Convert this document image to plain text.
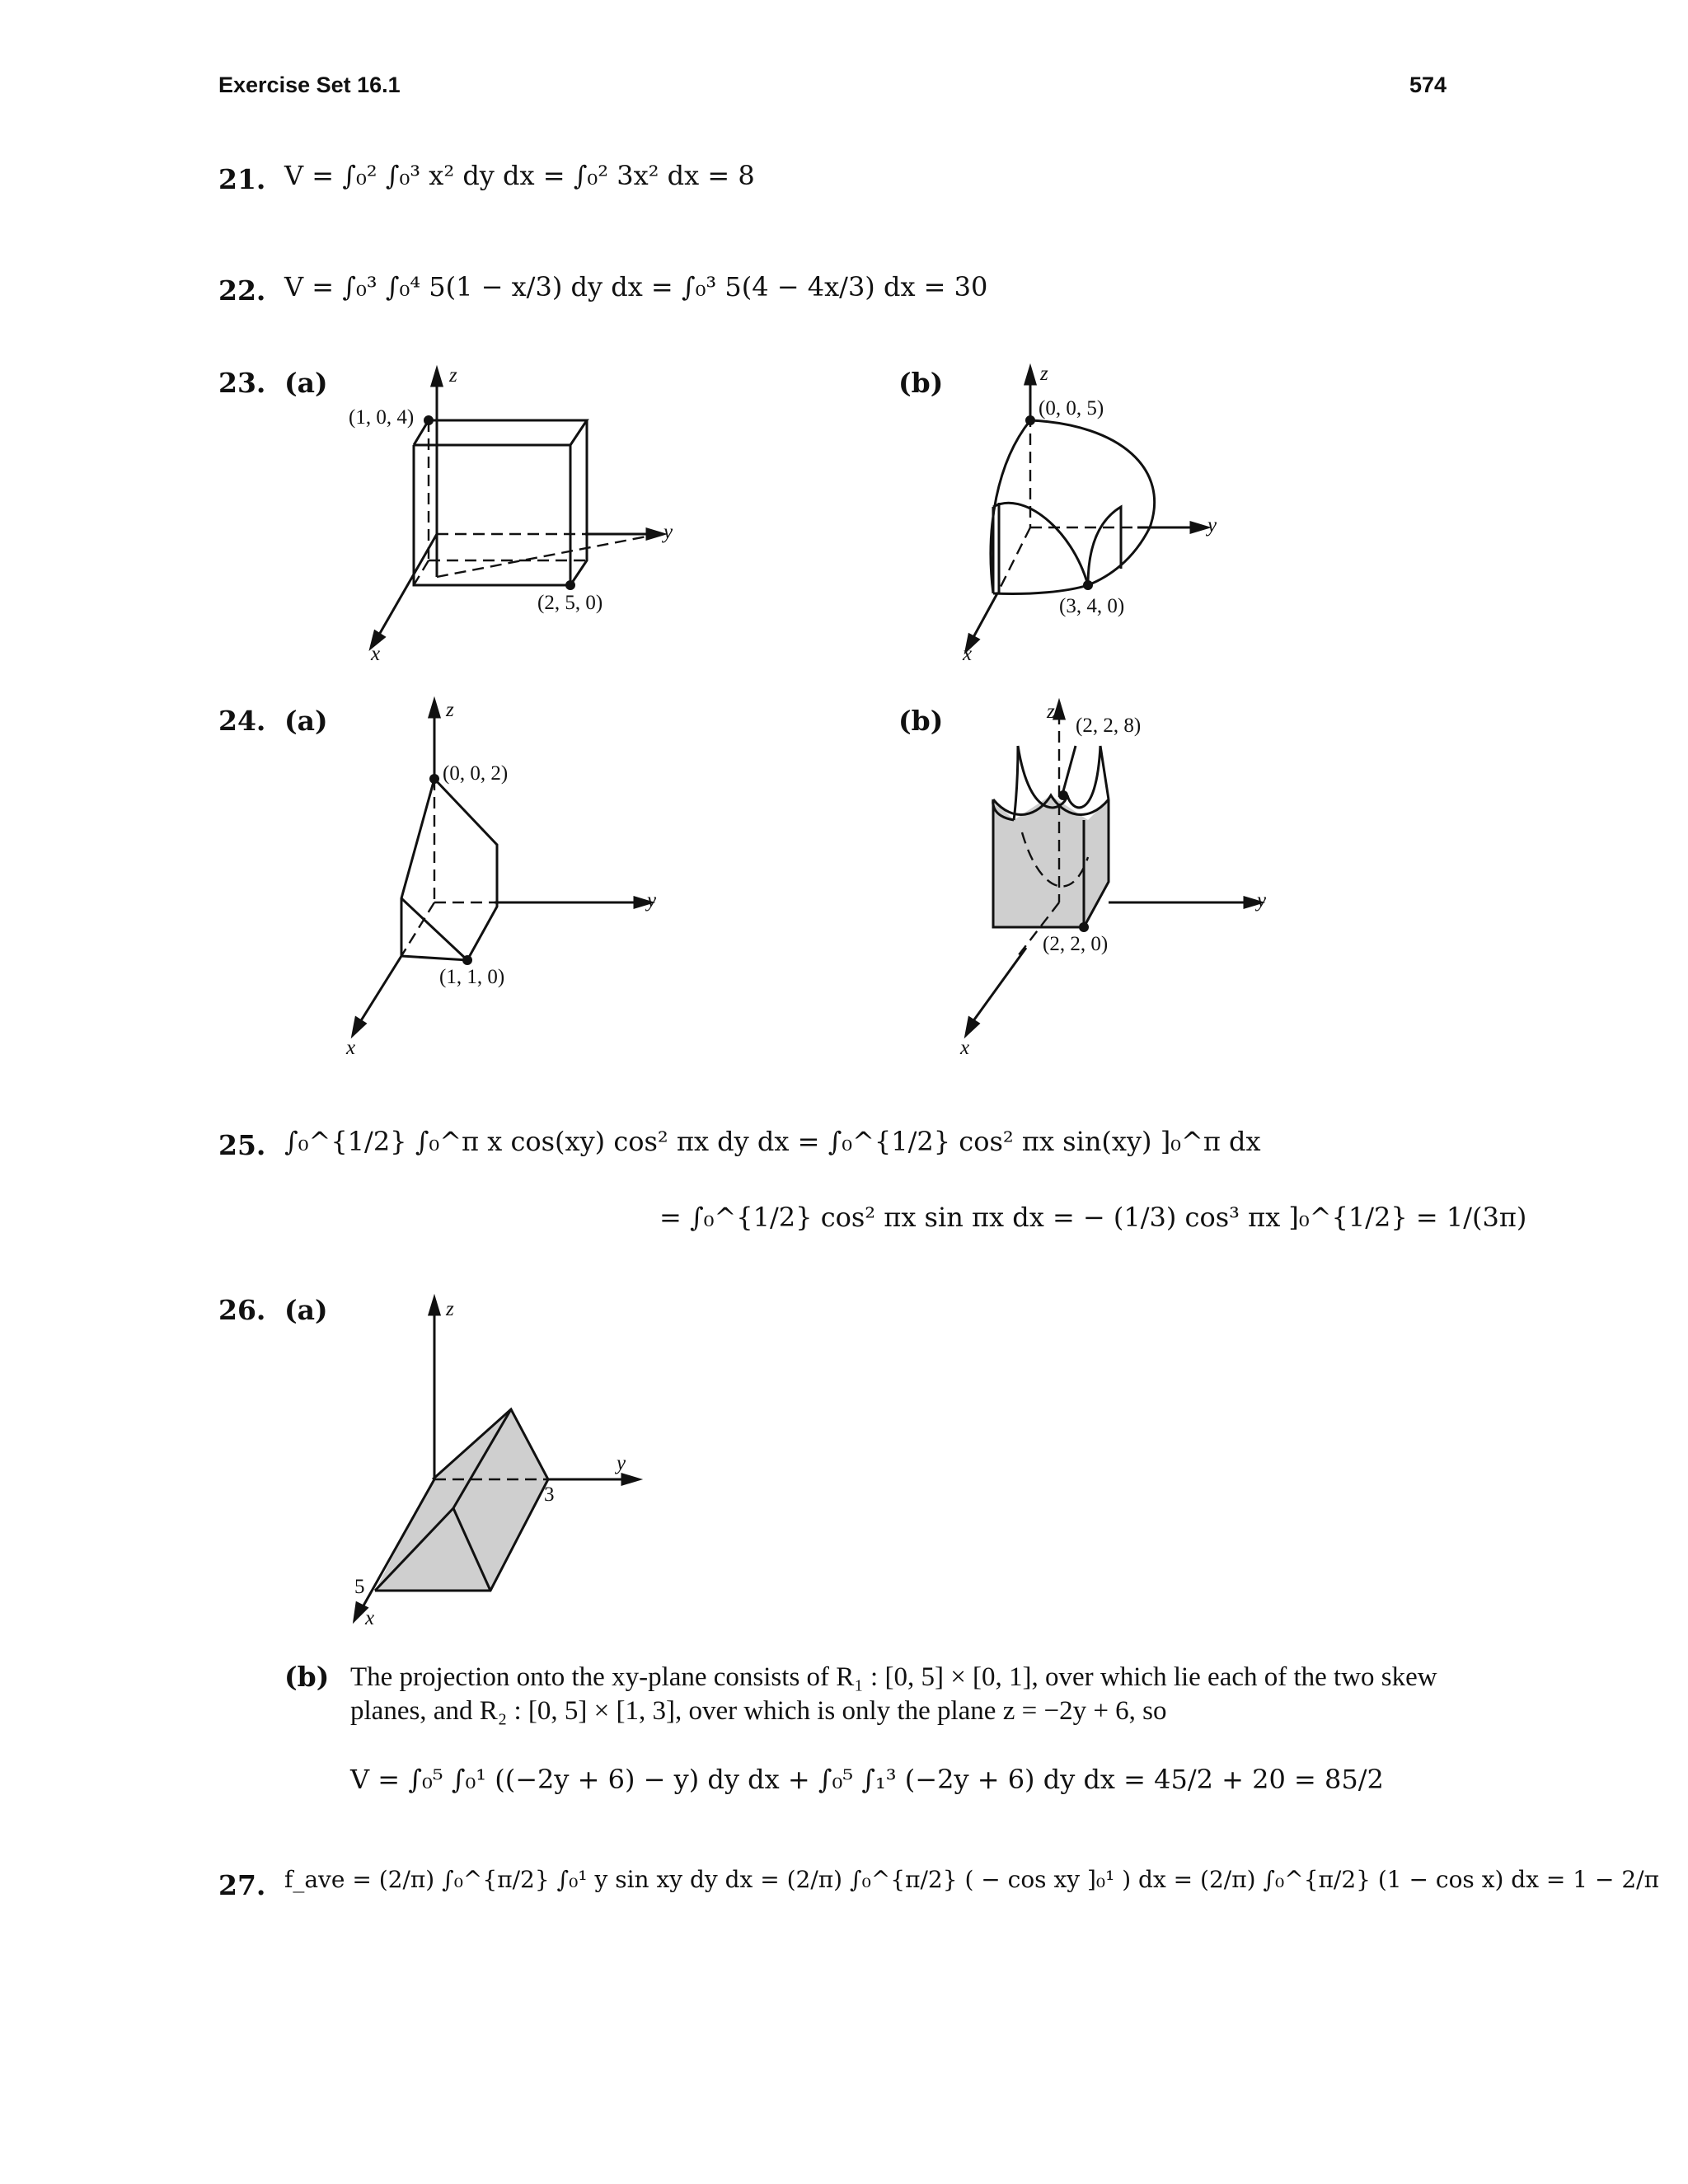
Exercise Set 16.1	574
21. V = ∫₀² ∫₀³ x² dy dx = ∫₀² 3x² dx = 8
22. V = ∫₀³ ∫₀⁴ 5(1 − x/3) dy dx = ∫₀³ 5(4 − 4x/3) dx = 30
23. (a)	(b)
z
y
x
(1, 0, 4)
(2, 5, 0)
z
y
x
(0, 0, 5)
(3, 4, 0)
24. (a)	(b)
z
y
x
(0, 0, 2)
(1, 1, 0)
z
y
x
(2, 2, 8)
(2, 2, 0)
25. ∫₀^{1/2} ∫₀^π x cos(xy) cos² πx dy dx = ∫₀^{1/2} cos² πx sin(xy) ]₀^π dx
= ∫₀^{1/2} cos² πx sin πx dx = − (1/3) cos³ πx ]₀^{1/2} = 1/(3π)
26. (a)	z
y
x
5
3
(b) The projection onto the xy-plane consists of R₁ : [0, 5] × [0, 1], over which lie each of the two skew planes, and R₂ : [0, 5] × [1, 3], over which is only the plane z = −2y + 6, so
V = ∫₀⁵ ∫₀¹ ((−2y + 6) − y) dy dx + ∫₀⁵ ∫₁³ (−2y + 6) dy dx = 45/2 + 20 = 85/2
27. f_ave = (2/π) ∫₀^{π/2} ∫₀¹ y sin xy dy dx = (2/π) ∫₀^{π/2} ( − cos xy ]₀¹ ) dx = (2/π) ∫₀^{π/2} (1 − cos x) dx = 1 − 2/π
